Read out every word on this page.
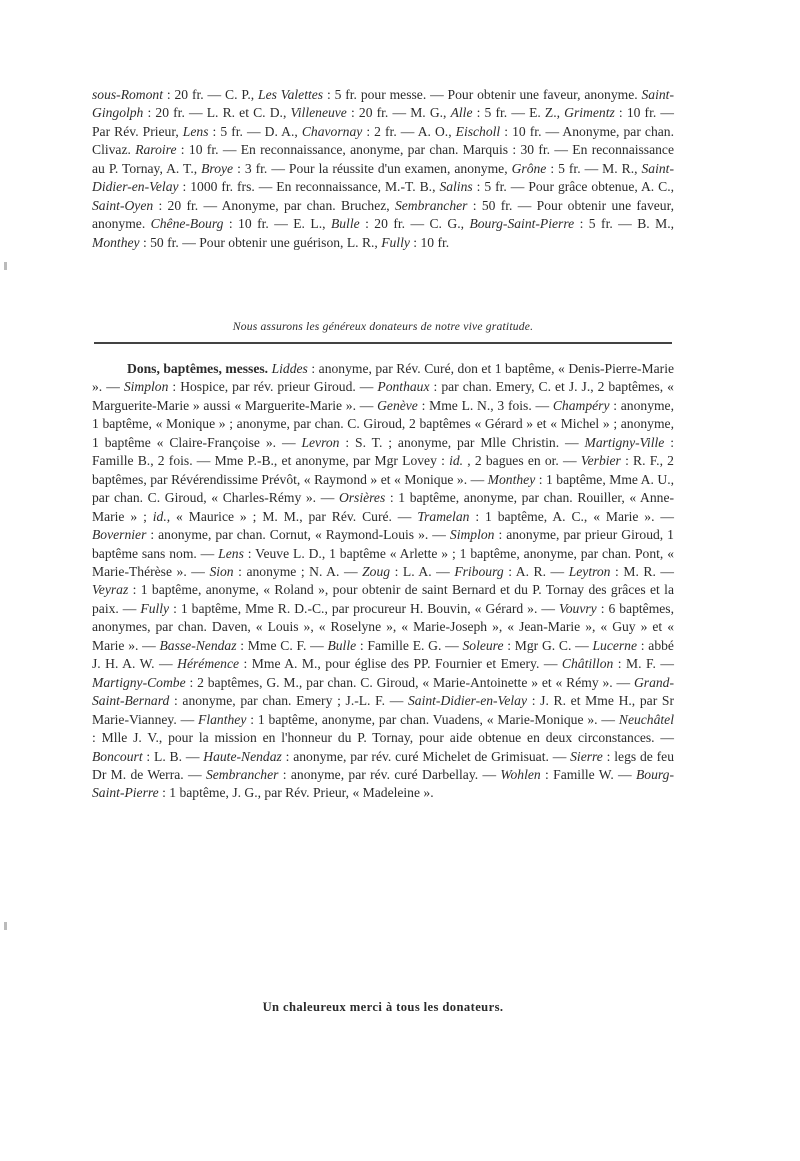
sous-Romont : 20 fr. — C. P., Les Valettes : 5 fr. pour messe. — Pour obtenir une faveur, anonyme. Saint-Gingolph : 20 fr. — L. R. et C. D., Villeneuve : 20 fr. — M. G., Alle : 5 fr. — E. Z., Grimentz : 10 fr. — Par Rév. Prieur, Lens : 5 fr. — D. A., Chavornay : 2 fr. — A. O., Eischoll : 10 fr. — Anonyme, par chan. Clivaz. Raroire : 10 fr. — En reconnaissance, anonyme, par chan. Marquis : 30 fr. — En reconnaissance au P. Tornay, A. T., Broye : 3 fr. — Pour la réussite d'un examen, anonyme, Grône : 5 fr. — M. R., Saint-Didier-en-Velay : 1000 fr. frs. — En reconnaissance, M.-T. B., Salins : 5 fr. — Pour grâce obtenue, A. C., Saint-Oyen : 20 fr. — Anonyme, par chan. Bruchez, Sembrancher : 50 fr. — Pour obtenir une faveur, anonyme. Chêne-Bourg : 10 fr. — E. L., Bulle : 20 fr. — C. G., Bourg-Saint-Pierre : 5 fr. — B. M., Monthey : 50 fr. — Pour obtenir une guérison, L. R., Fully : 10 fr.
Nous assurons les généreux donateurs de notre vive gratitude.
Dons, baptêmes, messes. Liddes : anonyme, par Rév. Curé, don et 1 baptême, « Denis-Pierre-Marie ». — Simplon : Hospice, par rév. prieur Giroud. — Ponthaux : par chan. Emery, C. et J. J., 2 baptêmes, « Marguerite-Marie » aussi « Marguerite-Marie ». — Genève : Mme L. N., 3 fois. — Champéry : anonyme, 1 baptême, « Monique » ; anonyme, par chan. C. Giroud, 2 baptêmes « Gérard » et « Michel » ; anonyme, 1 baptême « Claire-Françoise ». — Levron : S. T. ; anonyme, par Mlle Christin. — Martigny-Ville : Famille B., 2 fois. — Mme P.-B., et anonyme, par Mgr Lovey : id. , 2 bagues en or. — Verbier : R. F., 2 baptêmes, par Révérendissime Prévôt, « Raymond » et « Monique ». — Monthey : 1 baptême, Mme A. U., par chan. C. Giroud, « Charles-Rémy ». — Orsières : 1 baptême, anonyme, par chan. Rouiller, « Anne-Marie » ; id., « Maurice » ; M. M., par Rév. Curé. — Tramelan : 1 baptême, A. C., « Marie ». — Bovernier : anonyme, par chan. Cornut, « Raymond-Louis ». — Simplon : anonyme, par prieur Giroud, 1 baptême sans nom. — Lens : Veuve L. D., 1 baptême « Arlette » ; 1 baptême, anonyme, par chan. Pont, « Marie-Thérèse ». — Sion : anonyme ; N. A. — Zoug : L. A. — Fribourg : A. R. — Leytron : M. R. — Veyraz : 1 baptême, anonyme, « Roland », pour obtenir de saint Bernard et du P. Tornay des grâces et la paix. — Fully : 1 baptême, Mme R. D.-C., par procureur H. Bouvin, « Gérard ». — Vouvry : 6 baptêmes, anonymes, par chan. Daven, « Louis », « Roselyne », « Marie-Joseph », « Jean-Marie », « Guy » et « Marie ». — Basse-Nendaz : Mme C. F. — Bulle : Famille E. G. — Soleure : Mgr G. C. — Lucerne : abbé J. H. A. W. — Hérémence : Mme A. M., pour église des PP. Fournier et Emery. — Châtillon : M. F. — Martigny-Combe : 2 baptêmes, G. M., par chan. C. Giroud, « Marie-Antoinette » et « Rémy ». — Grand-Saint-Bernard : anonyme, par chan. Emery ; J.-L. F. — Saint-Didier-en-Velay : J. R. et Mme H., par Sr Marie-Vianney. — Flanthey : 1 baptême, anonyme, par chan. Vuadens, « Marie-Monique ». — Neuchâtel : Mlle J. V., pour la mission en l'honneur du P. Tornay, pour aide obtenue en deux circonstances. — Boncourt : L. B. — Haute-Nendaz : anonyme, par rév. curé Michelet de Grimisuat. — Sierre : legs de feu Dr M. de Werra. — Sembrancher : anonyme, par rév. curé Darbellay. — Wohlen : Famille W. — Bourg-Saint-Pierre : 1 baptême, J. G., par Rév. Prieur, « Madeleine ».
Un chaleureux merci à tous les donateurs.
